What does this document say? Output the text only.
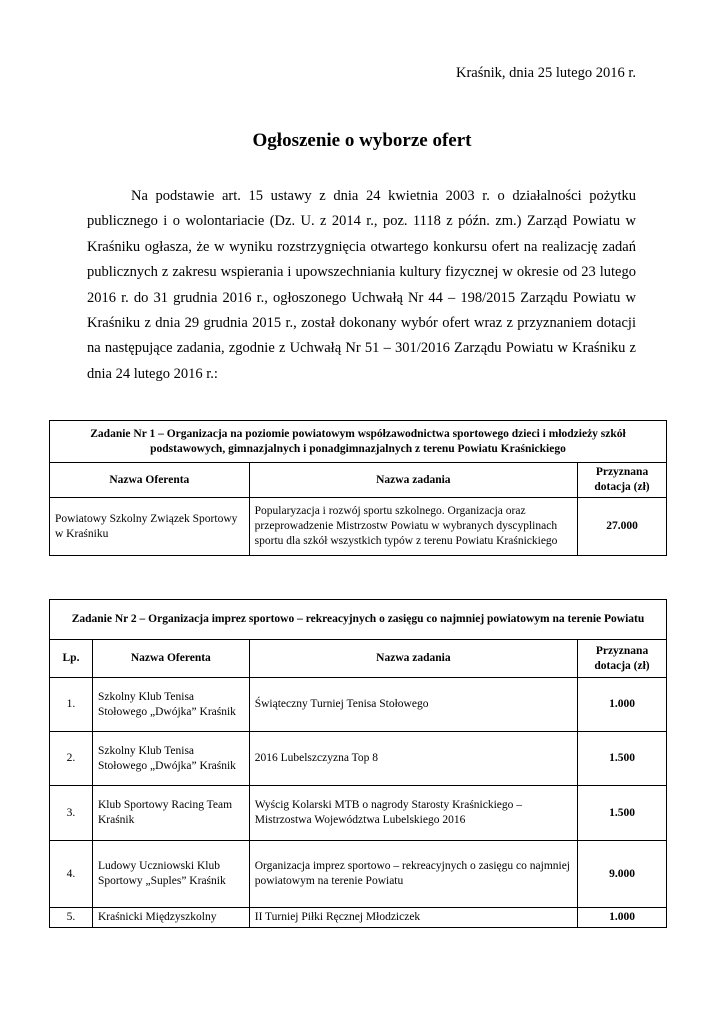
Kraśnik, dnia 25 lutego 2016 r.
Ogłoszenie o wyborze ofert

Na podstawie art. 15 ustawy z dnia 24 kwietnia 2003 r. o działalności pożytku publicznego i o wolontariacie (Dz. U. z 2014 r., poz. 1118 z późn. zm.) Zarząd Powiatu w Kraśniku ogłasza, że w wyniku rozstrzygnięcia otwartego konkursu ofert na realizację zadań publicznych z zakresu wspierania i upowszechniania kultury fizycznej w okresie od 23 lutego 2016 r. do 31 grudnia 2016 r., ogłoszonego Uchwałą Nr 44 – 198/2015 Zarządu Powiatu w Kraśniku z dnia 29 grudnia 2015 r., został dokonany wybór ofert wraz z przyznaniem dotacji na następujące zadania, zgodnie z Uchwałą Nr 51 – 301/2016 Zarządu Powiatu w Kraśniku z dnia 24 lutego 2016 r.:

Zadanie Nr 1 – Organizacja na poziomie powiatowym współzawodnictwa sportowego dzieci i młodzieży szkół podstawowych, gimnazjalnych i ponadgimnazjalnych z terenu Powiatu Kraśnickiego		
Nazwa Oferenta	Nazwa zadania	Przyznana dotacja (zł)
Powiatowy Szkolny Związek Sportowy w Kraśniku	Popularyzacja i rozwój sportu szkolnego. Organizacja oraz przeprowadzenie Mistrzostw Powiatu w wybranych dyscyplinach sportu dla szkół wszystkich typów z terenu Powiatu Kraśnickiego	27.000
Zadanie Nr 2 – Organizacja imprez sportowo – rekreacyjnych o zasięgu co najmniej powiatowym na terenie Powiatu			
Lp.	Nazwa Oferenta	Nazwa zadania	Przyznana dotacja (zł)
1.	Szkolny Klub Tenisa Stołowego „Dwójka” Kraśnik	Świąteczny Turniej Tenisa Stołowego	1.000
2.	Szkolny Klub Tenisa Stołowego „Dwójka” Kraśnik	2016 Lubelszczyzna Top 8	1.500
3.	Klub Sportowy Racing Team Kraśnik	Wyścig Kolarski MTB o nagrody Starosty Kraśnickiego – Mistrzostwa Województwa Lubelskiego 2016	1.500
4.	Ludowy Uczniowski Klub Sportowy „Suples” Kraśnik	Organizacja imprez sportowo – rekreacyjnych o zasięgu co najmniej powiatowym na terenie Powiatu	9.000
5.	Kraśnicki Międzyszkolny	II Turniej Piłki Ręcznej Młodziczek	1.000
